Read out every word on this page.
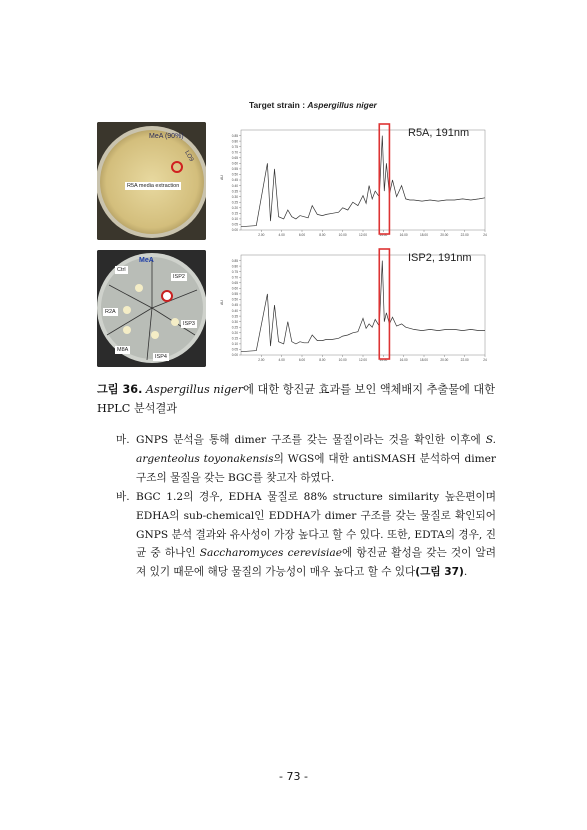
Target strain : Aspergillus niger
MeA (90%)
LO9
R5A media extraction
MeA
Ctrl
ISP2
R2A
ISP3
M8A
ISP4
0.00
0.05
0.10
0.15
0.20
0.25
0.30
0.35
0.40
0.45
0.50
0.55
0.60
0.65
0.70
0.75
0.80
0.85
AU
2.00	4.00	6.00	8.00	10.00	12.00	14.00	16.00	18.00	20.00	22.00	24
R5A, 191nm
0.00
0.05
0.10
0.15
0.20
0.25
0.30
0.35
0.40
0.45
0.50
0.55
0.60
0.65
0.70
0.75
0.80
0.85
AU
2.00	4.00	6.00	8.00	10.00	12.00	14.00	16.00	18.00	20.00	22.00	24
ISP2, 191nm
그림 36. Aspergillus niger에 대한 항진균 효과를 보인 액체배지 추출물에 대한 HPLC 분석결과
마. GNPS 분석을 통해 dimer 구조를 갖는 물질이라는 것을 확인한 이후에 S. argenteolus toyonakensis의 WGS에 대한 antiSMASH 분석하여 dimer 구조의 물질을 갖는 BGC를 찾고자 하였다.
바. BGC 1.2의 경우, EDHA 물질로 88% structure similarity 높은편이며 EDHA의 sub-chemical인 EDDHA가 dimer 구조를 갖는 물질로 확인되어 GNPS 분석 결과와 유사성이 가장 높다고 할 수 있다. 또한, EDTA의 경우, 진균 중 하나인 Saccharomyces cerevisiae에 항진균 활성을 갖는 것이 알려져 있기 때문에 해당 물질의 가능성이 매우 높다고 할 수 있다(그림 37).
- 73 -
